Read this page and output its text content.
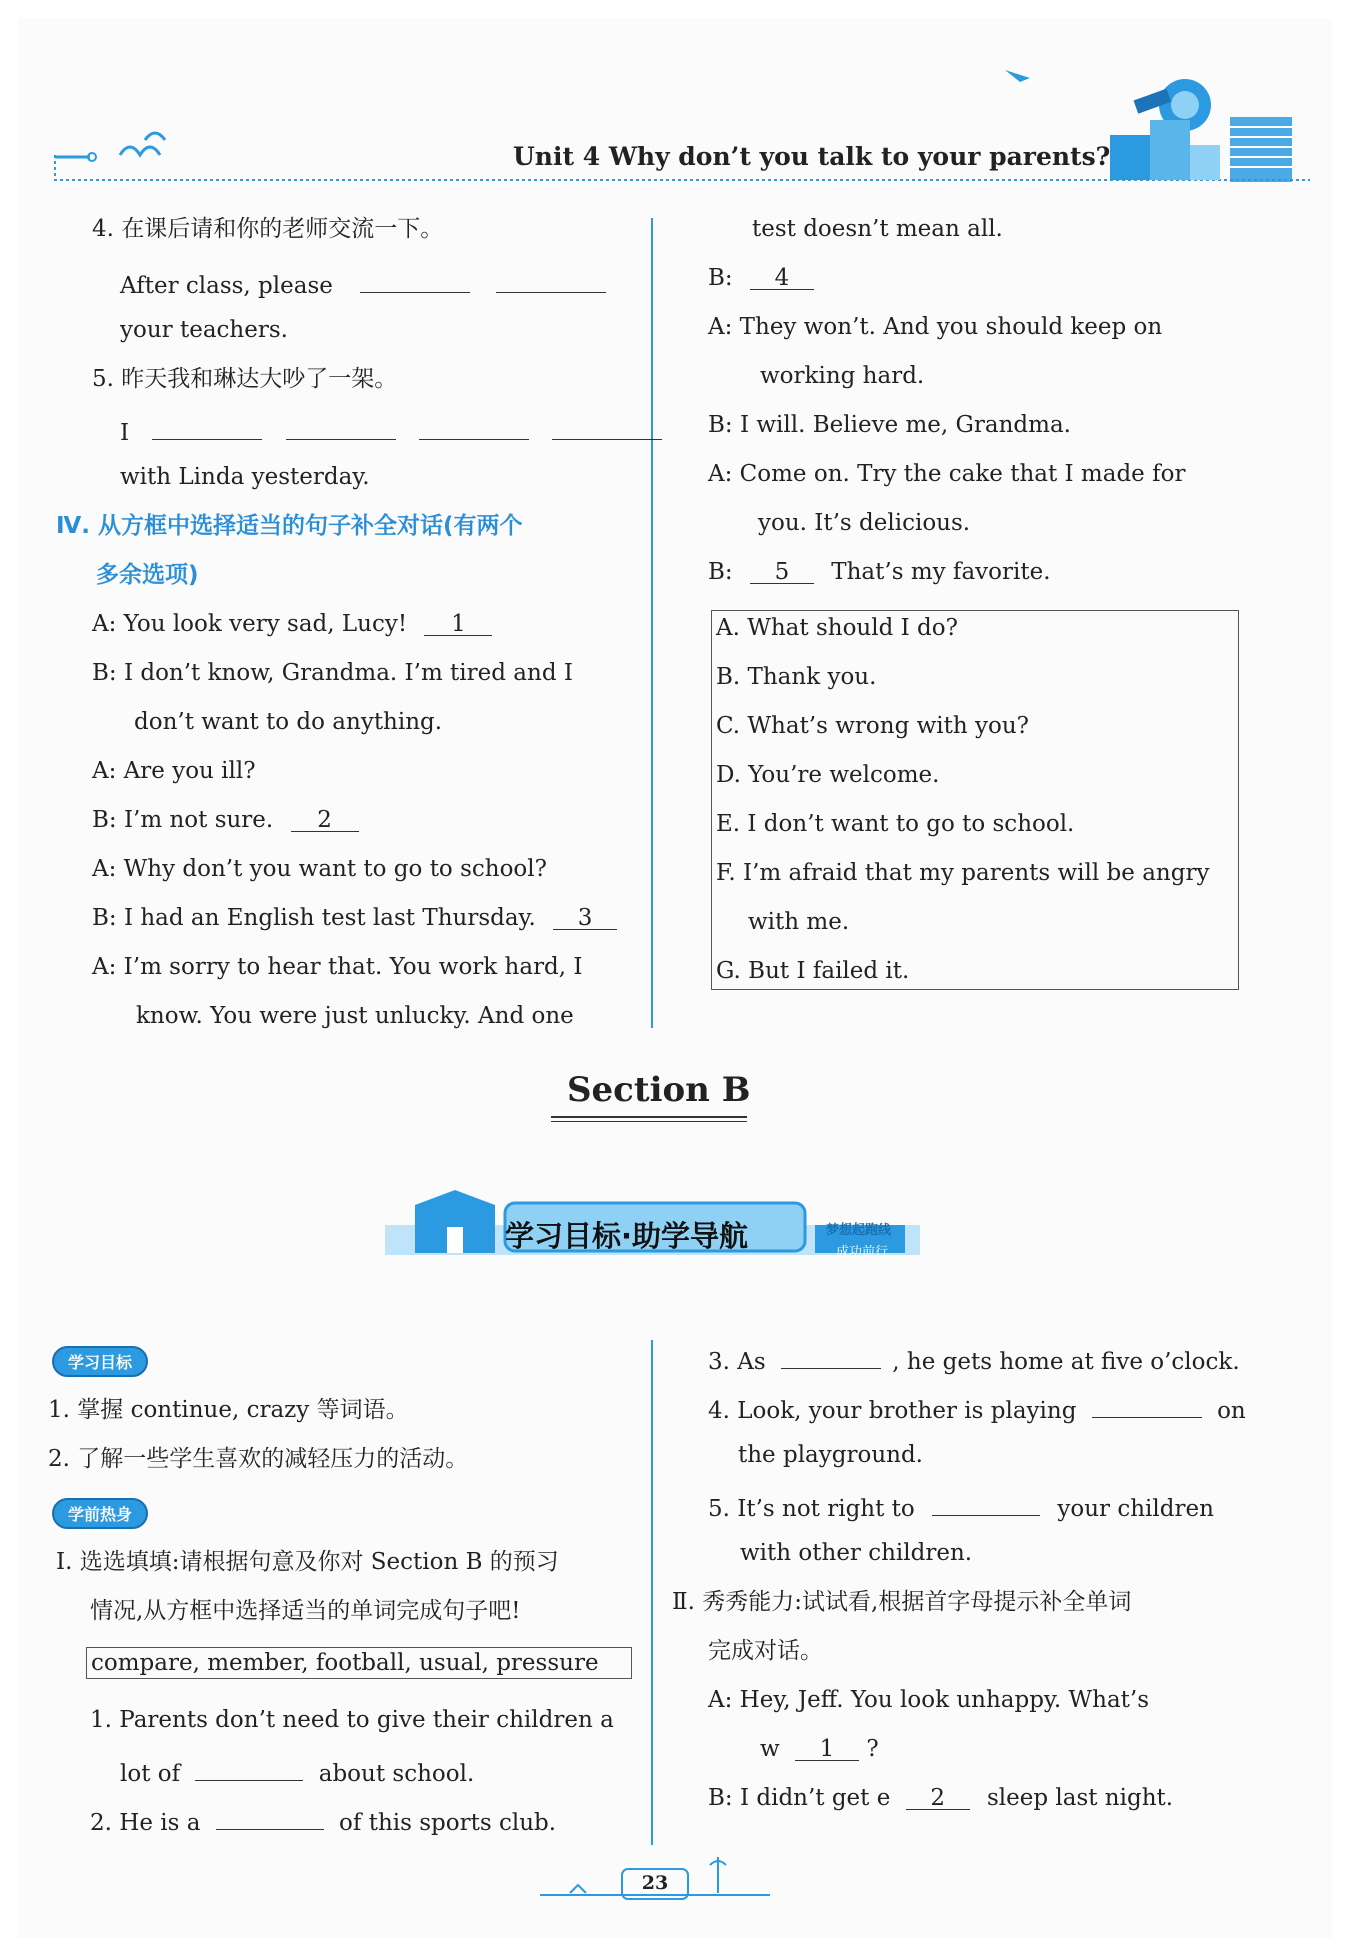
Unit 4 Why don’t you talk to your parents?
4. 在课后请和你的老师交流一下。
After class, please
your teachers.
5. 昨天我和琳达大吵了一架。
I
with Linda yesterday.
Ⅳ. 从方框中选择适当的句子补全对话(有两个
多余选项)
A: You look very sad, Lucy! 1
B: I don’t know, Grandma. I’m tired and I
don’t want to do anything.
A: Are you ill?
B: I’m not sure. 2
A: Why don’t you want to go to school?
B: I had an English test last Thursday. 3
A: I’m sorry to hear that. You work hard, I
know. You were just unlucky. And one
test doesn’t mean all.
B: 4
A: They won’t. And you should keep on
working hard.
B: I will. Believe me, Grandma.
A: Come on. Try the cake that I made for
you. It’s delicious.
B: 5 That’s my favorite.
A. What should I do?
B. Thank you.
C. What’s wrong with you?
D. You’re welcome.
E. I don’t want to go to school.
F. I’m afraid that my parents will be angry
with me.
G. But I failed it.
Section B
学习目标·助学导航	梦想起跑线
成功前行
学习目标
1. 掌握 continue, crazy 等词语。
2. 了解一些学生喜欢的减轻压力的活动。
学前热身
Ⅰ. 选选填填:请根据句意及你对 Section B 的预习
情况,从方框中选择适当的单词完成句子吧!
compare, member, football, usual, pressure
1. Parents don’t need to give their children a
lot of	about school.
2. He is a	of this sports club.
3. As	, he gets home at five o’clock.
4. Look, your brother is playing	on
the playground.
5. It’s not right to	your children
with other children.
Ⅱ. 秀秀能力:试试看,根据首字母提示补全单词
完成对话。
A: Hey, Jeff. You look unhappy. What’s
w 1 ?
B: I didn’t get e 2 sleep last night.
23
